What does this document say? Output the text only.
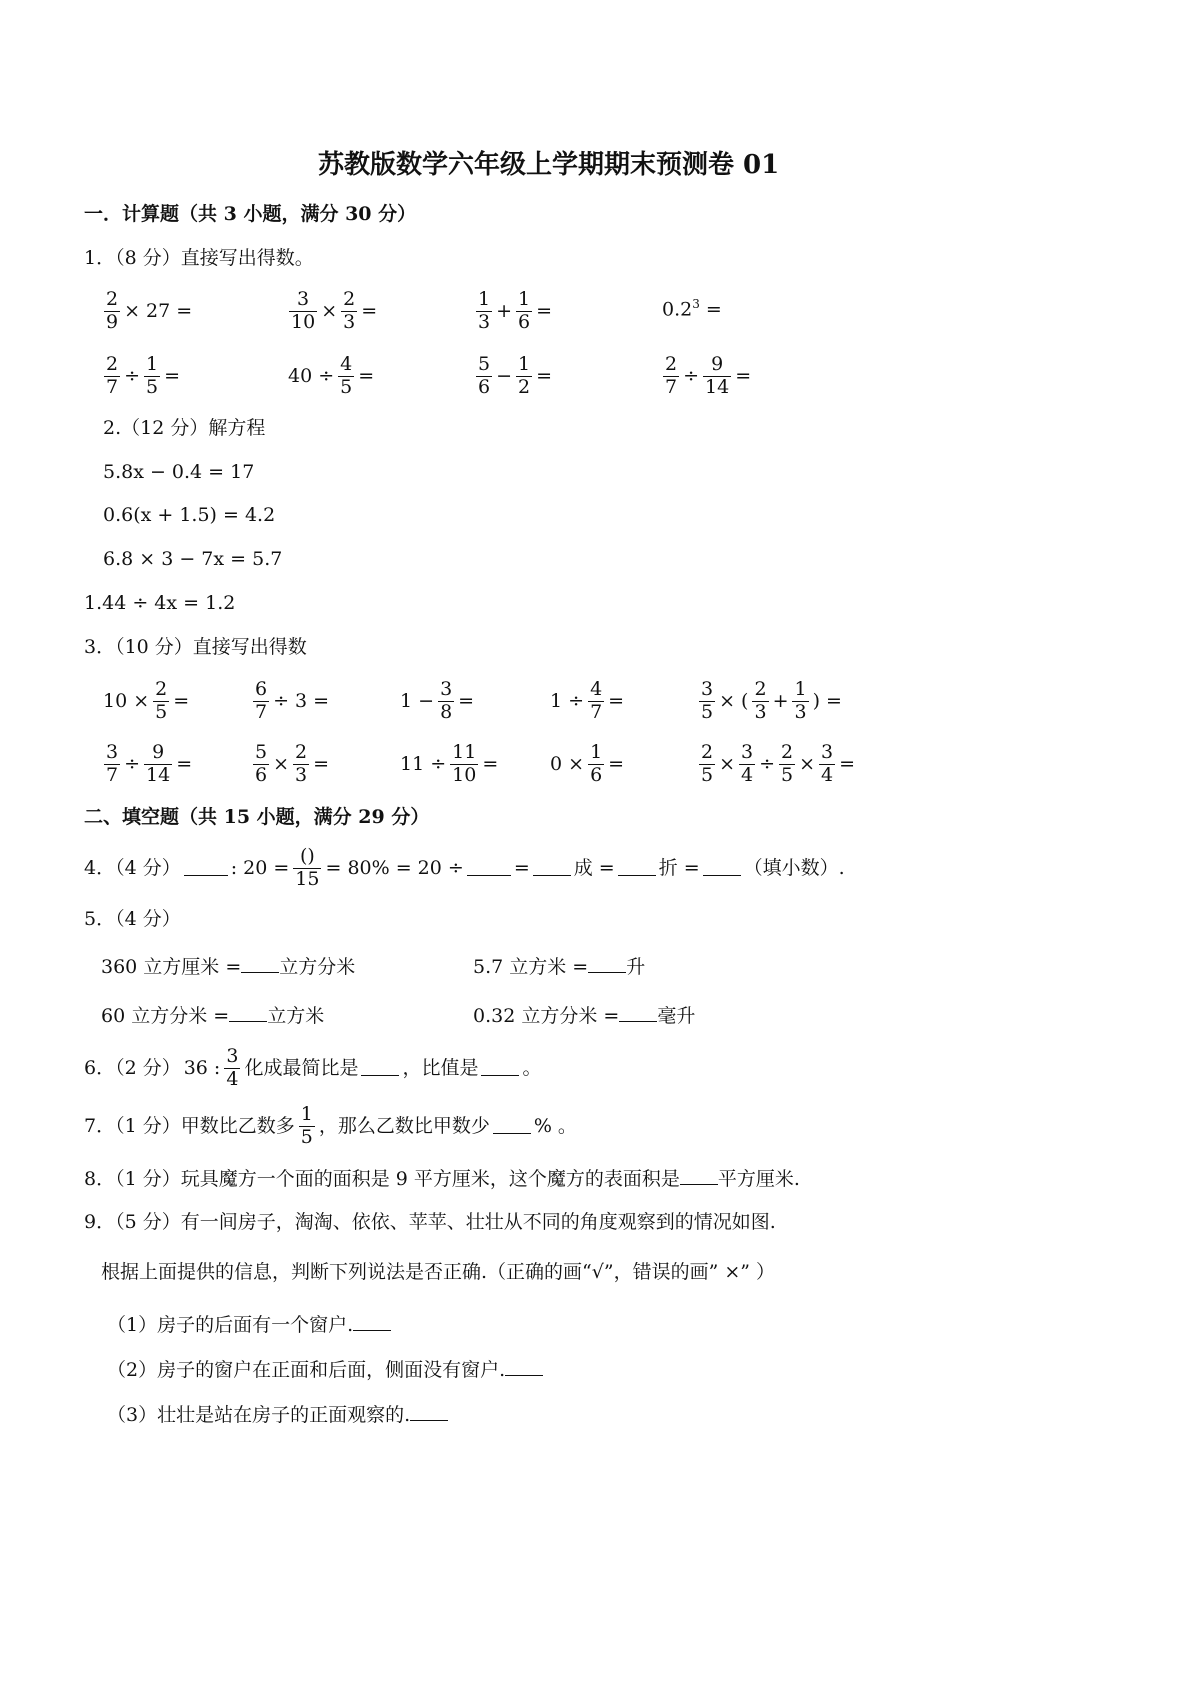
苏教版数学六年级上学期期末预测卷 01
一．计算题（共 3 小题，满分 30 分）
1．（8 分）直接写出得数。
$\frac{2}{9} \times 27$ =	$\frac{3}{10} \times \frac{2}{3}$ =	$\frac{1}{3} + \frac{1}{6}$ =	$0.2^3$ =
$\frac{2}{7} \div \frac{1}{5}$ =	$40 \div \frac{4}{5}$ =	$\frac{5}{6} - \frac{1}{2}$ =	$\frac{2}{7} \div \frac{9}{14}$ =
2.（12 分）解方程
5.8x − 0.4 = 17
0.6(x + 1.5) = 4.2
6.8 × 3 − 7x = 5.7
1.44 ÷ 4x = 1.2
3．（10 分）直接写出得数
$10 \times \frac{2}{5}$ =	$\frac{6}{7} \div 3$ =	$1 - \frac{3}{8}$ =	$1 \div \frac{4}{7}$ =	$\frac{3}{5}$ × ( $\frac{2}{3} + \frac{1}{3}$ ) =
$\frac{3}{7} \div \frac{9}{14}$ =	$\frac{5}{6} \times \frac{2}{3}$ =	$11 \div \frac{11}{10}$ =	$0 \times \frac{1}{6}$ =	$\frac{2}{5} \times \frac{3}{4} \div \frac{2}{5} \times \frac{3}{4}$ =
二、填空题（共 15 小题，满分 29 分）
4．（4 分）	: $20 = \frac{()}{15} = 80\% = 20$ ÷	= 成 = 折 = （填小数）.
5．（4 分）
360 立方厘米 = 立方分米	5.7 立方米 = 升
60 立方分米 = 立方米	0.32 立方分米 = 毫升
6．（2 分） 36 : $\frac{3}{4}$ 化成最简比是 ，比值是 。
7．（1 分）甲数比乙数多 $\frac{1}{5}$ ，那么乙数比甲数少 % 。
8．（1 分）玩具魔方一个面的面积是 9 平方厘米，这个魔方的表面积是 平方厘米.
9．（5 分）有一间房子，淘淘、依依、苹苹、壮壮从不同的角度观察到的情况如图.
根据上面提供的信息，判断下列说法是否正确.（正确的画“√”，错误的画” ×” ）
（1）房子的后面有一个窗户.
（2）房子的窗户在正面和后面，侧面没有窗户.
（3）壮壮是站在房子的正面观察的.
